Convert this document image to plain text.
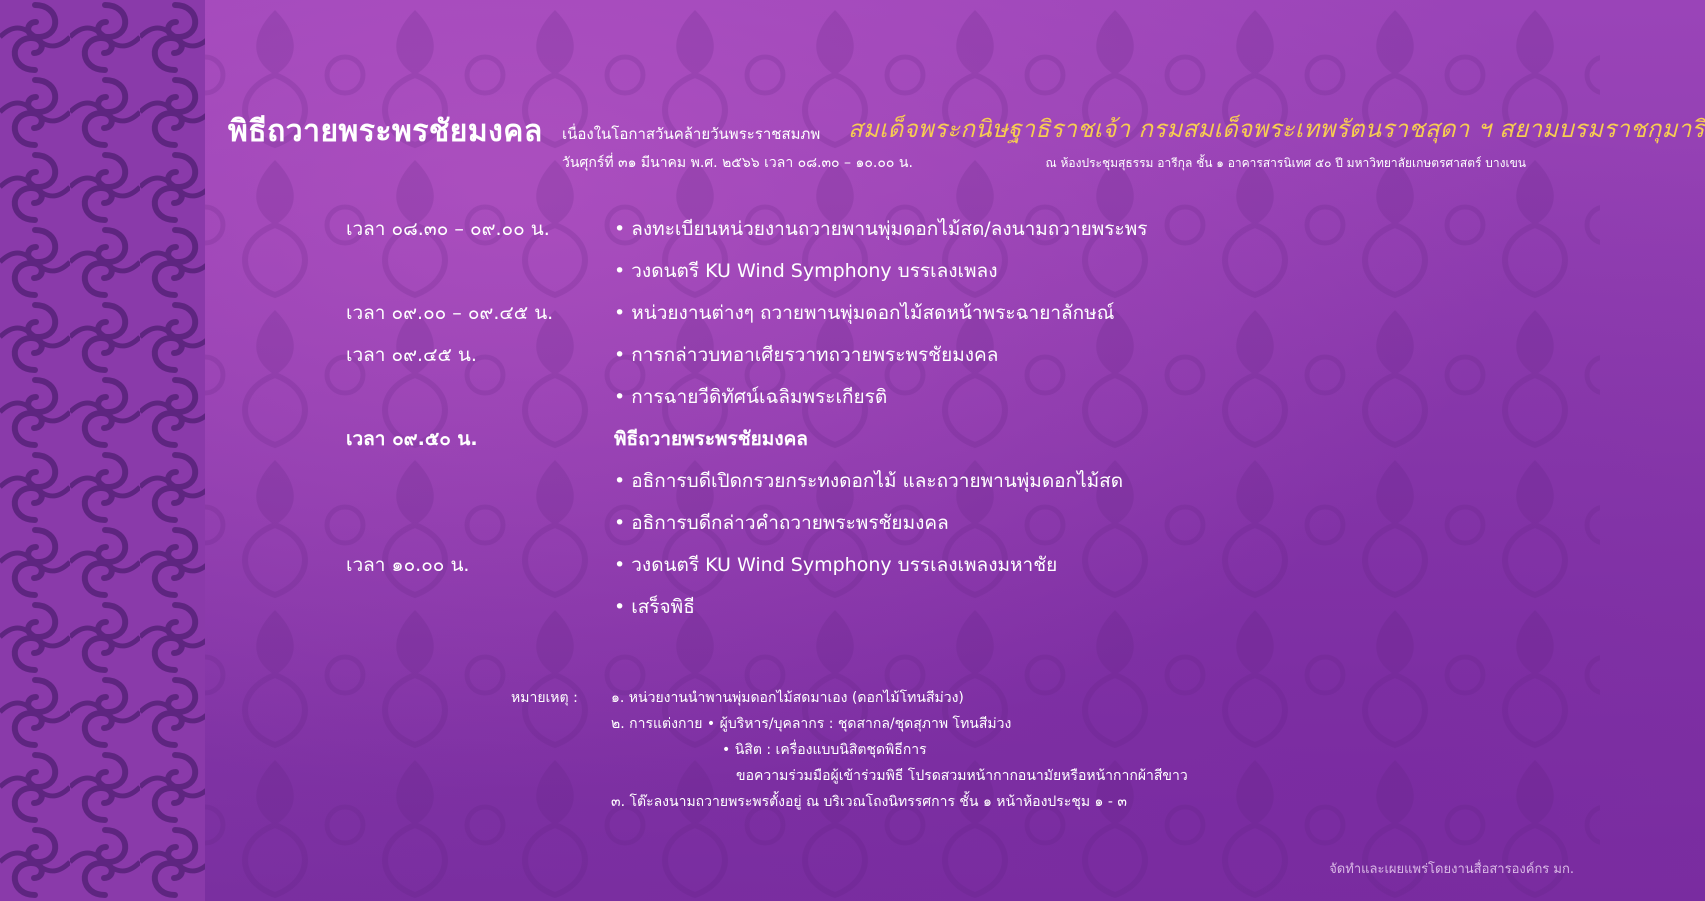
พิธีถวายพระพรชัยมงคล เนื่องในโอกาสวันคล้ายวันพระราชสมภพ สมเด็จพระกนิษฐาธิราชเจ้า กรมสมเด็จพระเทพรัตนราชสุดา ฯ สยามบรมราชกุมารี
วันศุกร์ที่ ๓๑ มีนาคม พ.ศ. ๒๕๖๖ เวลา ๐๘.๓๐ – ๑๐.๐๐ น.	ณ ห้องประชุมสุธรรม อารีกุล ชั้น ๑ อาคารสารนิเทศ ๕๐ ปี มหาวิทยาลัยเกษตรศาสตร์ บางเขน
เวลา ๐๘.๓๐ – ๐๙.๐๐ น.	• ลงทะเบียนหน่วยงานถวายพานพุ่มดอกไม้สด/ลงนามถวายพระพร
• วงดนตรี KU Wind Symphony บรรเลงเพลง
เวลา ๐๙.๐๐ – ๐๙.๔๕ น.	• หน่วยงานต่างๆ ถวายพานพุ่มดอกไม้สดหน้าพระฉายาลักษณ์
เวลา ๐๙.๔๕ น.	• การกล่าวบทอาเศียรวาทถวายพระพรชัยมงคล
• การฉายวีดิทัศน์เฉลิมพระเกียรติ
เวลา ๐๙.๕๐ น.	พิธีถวายพระพรชัยมงคล
• อธิการบดีเปิดกรวยกระทงดอกไม้ และถวายพานพุ่มดอกไม้สด
• อธิการบดีกล่าวคำถวายพระพรชัยมงคล
เวลา ๑๐.๐๐ น.	• วงดนตรี KU Wind Symphony บรรเลงเพลงมหาชัย
• เสร็จพิธี
หมายเหตุ : ๑. หน่วยงานนำพานพุ่มดอกไม้สดมาเอง (ดอกไม้โทนสีม่วง)
๒. การแต่งกาย • ผู้บริหาร/บุคลากร : ชุดสากล/ชุดสุภาพ โทนสีม่วง
• นิสิต : เครื่องแบบนิสิตชุดพิธีการ
ขอความร่วมมือผู้เข้าร่วมพิธี โปรดสวมหน้ากากอนามัยหรือหน้ากากผ้าสีขาว
๓. โต๊ะลงนามถวายพระพรตั้งอยู่ ณ บริเวณโถงนิทรรศการ ชั้น ๑ หน้าห้องประชุม ๑ - ๓
จัดทำและเผยแพร่โดยงานสื่อสารองค์กร มก.
